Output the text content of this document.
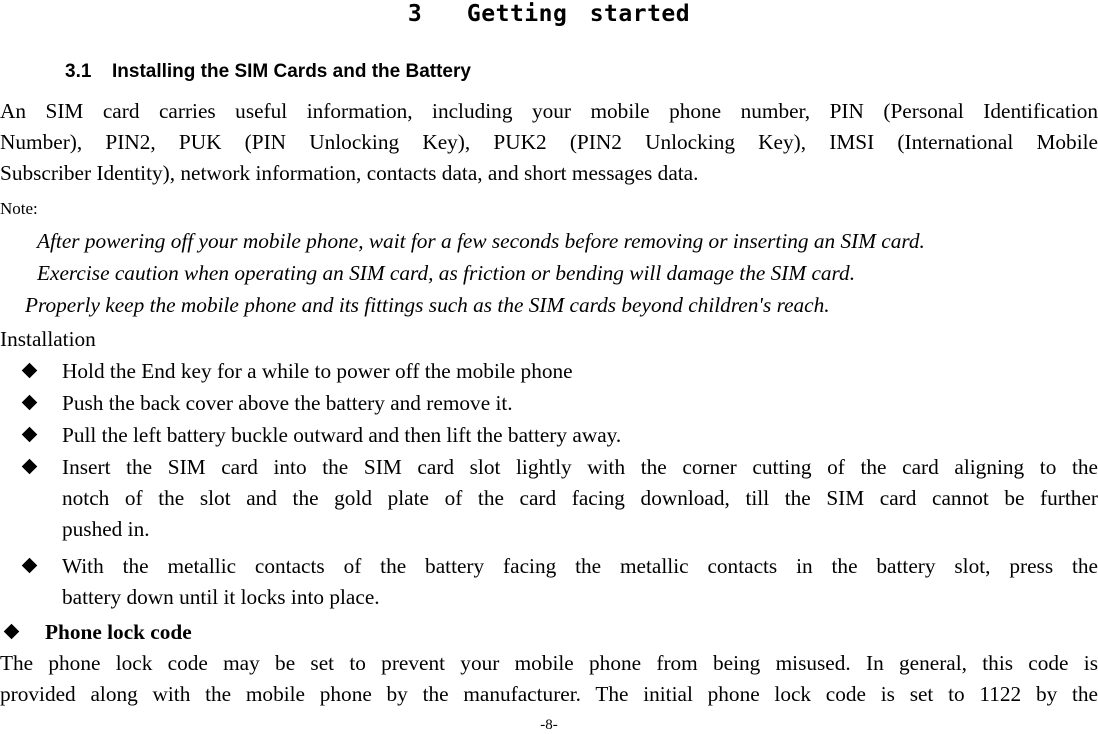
3  Getting started
3.1 Installing the SIM Cards and the Battery
An SIM card carries useful information, including your mobile phone number, PIN (Personal Identification
Number), PIN2, PUK (PIN Unlocking Key), PUK2 (PIN2 Unlocking Key), IMSI (International Mobile
Subscriber Identity), network information, contacts data, and short messages data.
Note:
After powering off your mobile phone, wait for a few seconds before removing or inserting an SIM card.
Exercise caution when operating an SIM card, as friction or bending will damage the SIM card.
Properly keep the mobile phone and its fittings such as the SIM cards beyond children's reach.
Installation
Hold the End key for a while to power off the mobile phone
Push the back cover above the battery and remove it.
Pull the left battery buckle outward and then lift the battery away.
Insert the SIM card into the SIM card slot lightly with the corner cutting of the card aligning to the
notch of the slot and the gold plate of the card facing download, till the SIM card cannot be further
pushed in.
With the metallic contacts of the battery facing the metallic contacts in the battery slot, press the
battery down until it locks into place.
Phone lock code
The phone lock code may be set to prevent your mobile phone from being misused. In general, this code is
provided along with the mobile phone by the manufacturer. The initial phone lock code is set to 1122 by the
-8-
